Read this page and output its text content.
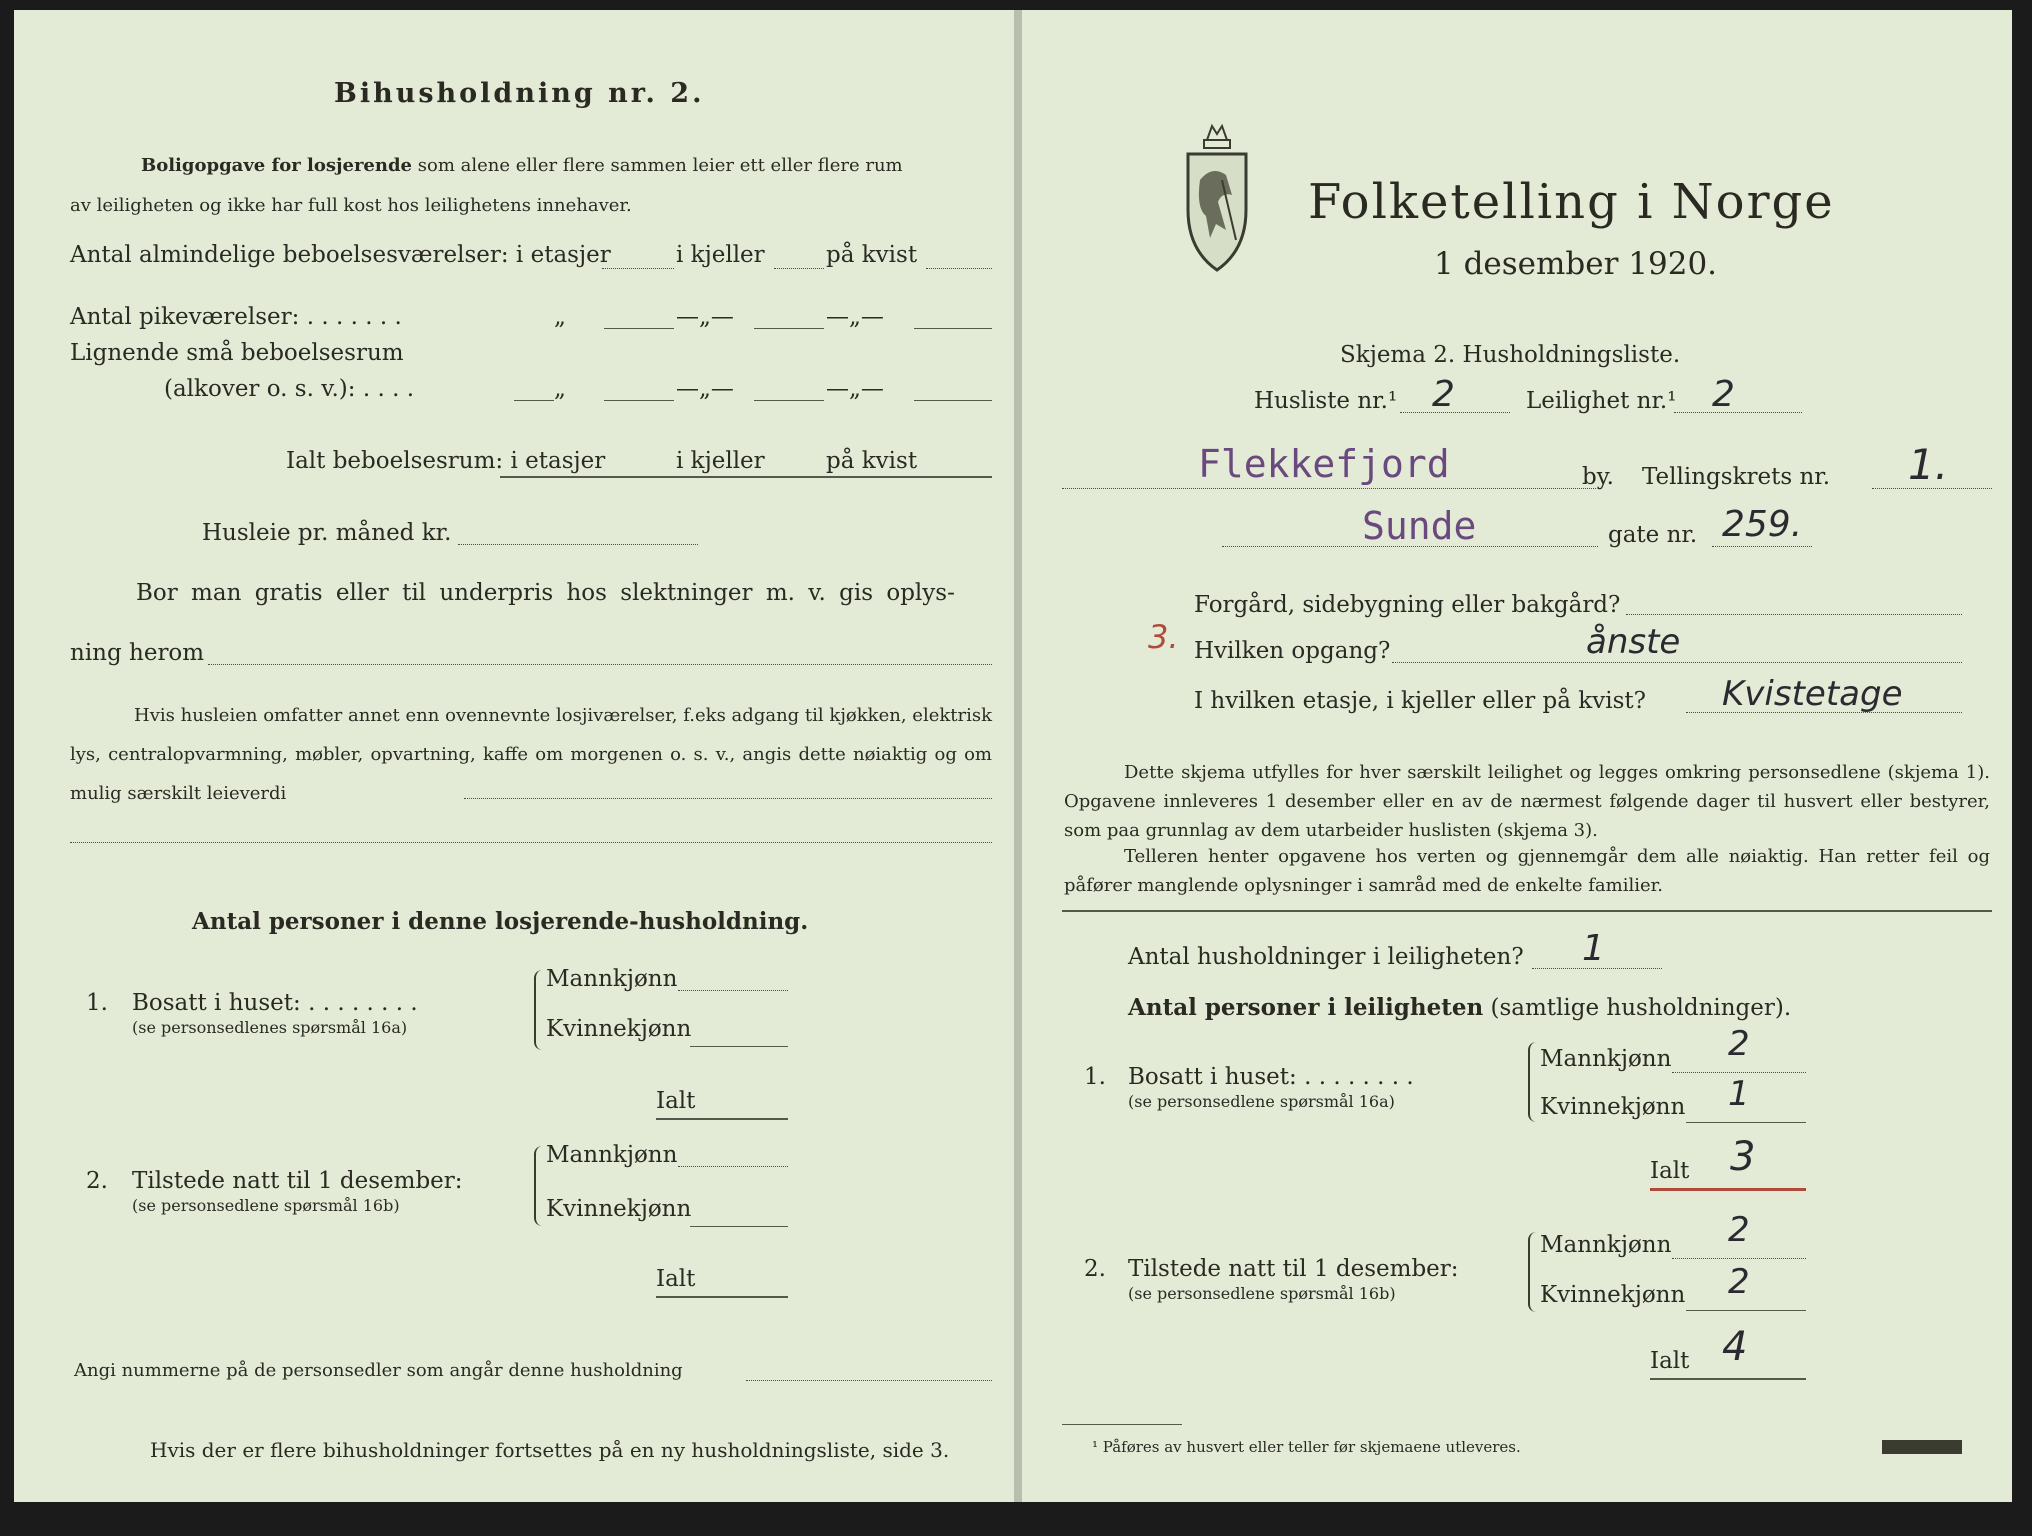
Bihusholdning nr. 2.
Boligopgave for losjerende som alene eller flere sammen leier ett eller flere rum
av leiligheten og ikke har full kost hos leilighetens innehaver.
Antal almindelige beboelsesværelser: i etasjer	i kjeller	på kvist
Antal pikeværelser: . . . . . . .	„	—„—	—„—
Lignende små beboelsesrum
(alkover o. s. v.): . . . .	„	—„—	—„—
Ialt beboelsesrum: i etasjer	i kjeller	på kvist
Husleie pr. måned kr.
Bor man gratis eller til underpris hos slektninger m. v. gis oplys-
ning herom
Hvis husleien omfatter annet enn ovennevnte losjiværelser, f.eks adgang til kjøkken, elektrisk lys, centralopvarmning, møbler, opvartning, kaffe om morgenen o. s. v., angis dette nøiaktig og om mulig særskilt leieverdi
Antal personer i denne losjerende-husholdning.
1. Bosatt i huset: . . . . . . . .
(se personsedlenes spørsmål 16a)
Mannkjønn
Kvinnekjønn
Ialt
2. Tilstede natt til 1 desember:
(se personsedlene spørsmål 16b)
Mannkjønn
Kvinnekjønn
Ialt
Angi nummerne på de personsedler som angår denne husholdning
Hvis der er flere bihusholdninger fortsettes på en ny husholdningsliste, side 3.
Folketelling i Norge
1 desember 1920.
Skjema 2. Husholdningsliste.
Husliste nr.¹ 2	Leilighet nr.¹ 2
Flekkefjord	by. Tellingskrets nr. 1.
Sunde	gate nr. 259.
3.
Forgård, sidebygning eller bakgård?
Hvilken opgang?	ånste
I hvilken etasje, i kjeller eller på kvist? Kvistetage
Dette skjema utfylles for hver særskilt leilighet og legges omkring personsedlene (skjema 1). Opgavene innleveres 1 desember eller en av de nærmest følgende dager til husvert eller bestyrer, som paa grunnlag av dem utarbeider huslisten (skjema 3).
Telleren henter opgavene hos verten og gjennemgår dem alle nøiaktig. Han retter feil og påfører manglende oplysninger i samråd med de enkelte familier.
Antal husholdninger i leiligheten? 1
Antal personer i leiligheten (samtlige husholdninger).
1. Bosatt i huset: . . . . . . . .
(se personsedlene spørsmål 16a)
Mannkjønn 2
Kvinnekjønn 1
Ialt 3
2. Tilstede natt til 1 desember:
(se personsedlene spørsmål 16b)
Mannkjønn 2
Kvinnekjønn 2
Ialt 4
¹ Påføres av husvert eller teller før skjemaene utleveres.
